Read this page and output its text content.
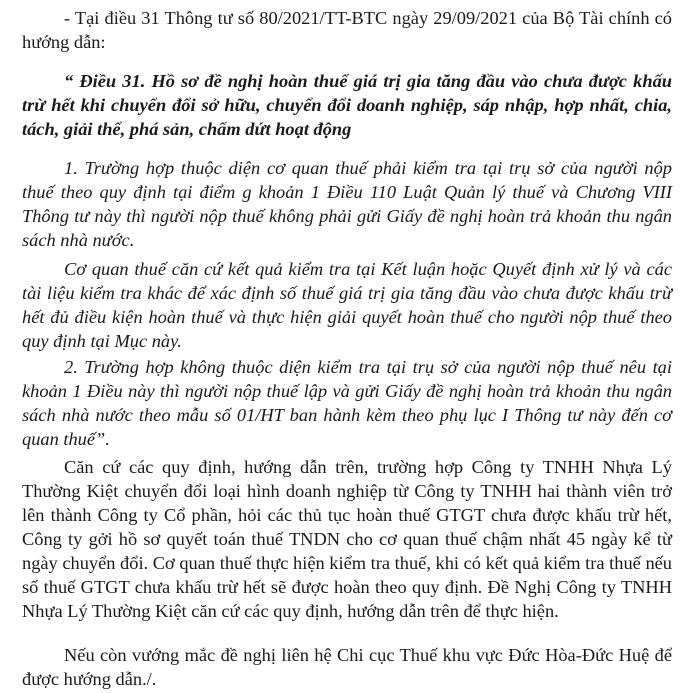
- Tại điều 31 Thông tư số 80/2021/TT-BTC ngày 29/09/2021 của Bộ Tài chính có hướng dẫn:

“ Điều 31. Hồ sơ đề nghị hoàn thuế giá trị gia tăng đầu vào chưa được khấu trừ hết khi chuyển đổi sở hữu, chuyển đổi doanh nghiệp, sáp nhập, hợp nhất, chia, tách, giải thể, phá sản, chấm dứt hoạt động

1. Trường hợp thuộc diện cơ quan thuế phải kiểm tra tại trụ sở của người nộp thuế theo quy định tại điểm g khoản 1 Điều 110 Luật Quản lý thuế và Chương VIII Thông tư này thì người nộp thuế không phải gửi Giấy đề nghị hoàn trả khoản thu ngân sách nhà nước.

Cơ quan thuế căn cứ kết quả kiểm tra tại Kết luận hoặc Quyết định xử lý và các tài liệu kiểm tra khác để xác định số thuế giá trị gia tăng đầu vào chưa được khấu trừ hết đủ điều kiện hoàn thuế và thực hiện giải quyết hoàn thuế cho người nộp thuế theo quy định tại Mục này.

2. Trường hợp không thuộc diện kiểm tra tại trụ sở của người nộp thuế nêu tại khoản 1 Điều này thì người nộp thuế lập và gửi Giấy đề nghị hoàn trả khoản thu ngân sách nhà nước theo mẫu số 01/HT ban hành kèm theo phụ lục I Thông tư này đến cơ quan thuế”.

Căn cứ các quy định, hướng dẫn trên, trường hợp Công ty TNHH Nhựa Lý Thường Kiệt chuyển đổi loại hình doanh nghiệp từ Công ty TNHH hai thành viên trở lên thành Công ty Cổ phần, hỏi các thủ tục hoàn thuế GTGT chưa được khấu trừ hết, Công ty gởi hồ sơ quyết toán thuế TNDN cho cơ quan thuế chậm nhất 45 ngày kể từ ngày chuyển đổi. Cơ quan thuế thực hiện kiểm tra thuế, khi có kết quả kiểm tra thuế nếu số thuế GTGT chưa khấu trừ hết sẽ được hoàn theo quy định. Đề Nghị Công ty TNHH Nhựa Lý Thường Kiệt căn cứ các quy định, hướng dẫn trên để thực hiện.

Nếu còn vướng mắc đề nghị liên hệ Chi cục Thuế khu vực Đức Hòa-Đức Huệ để được hướng dẫn./.
